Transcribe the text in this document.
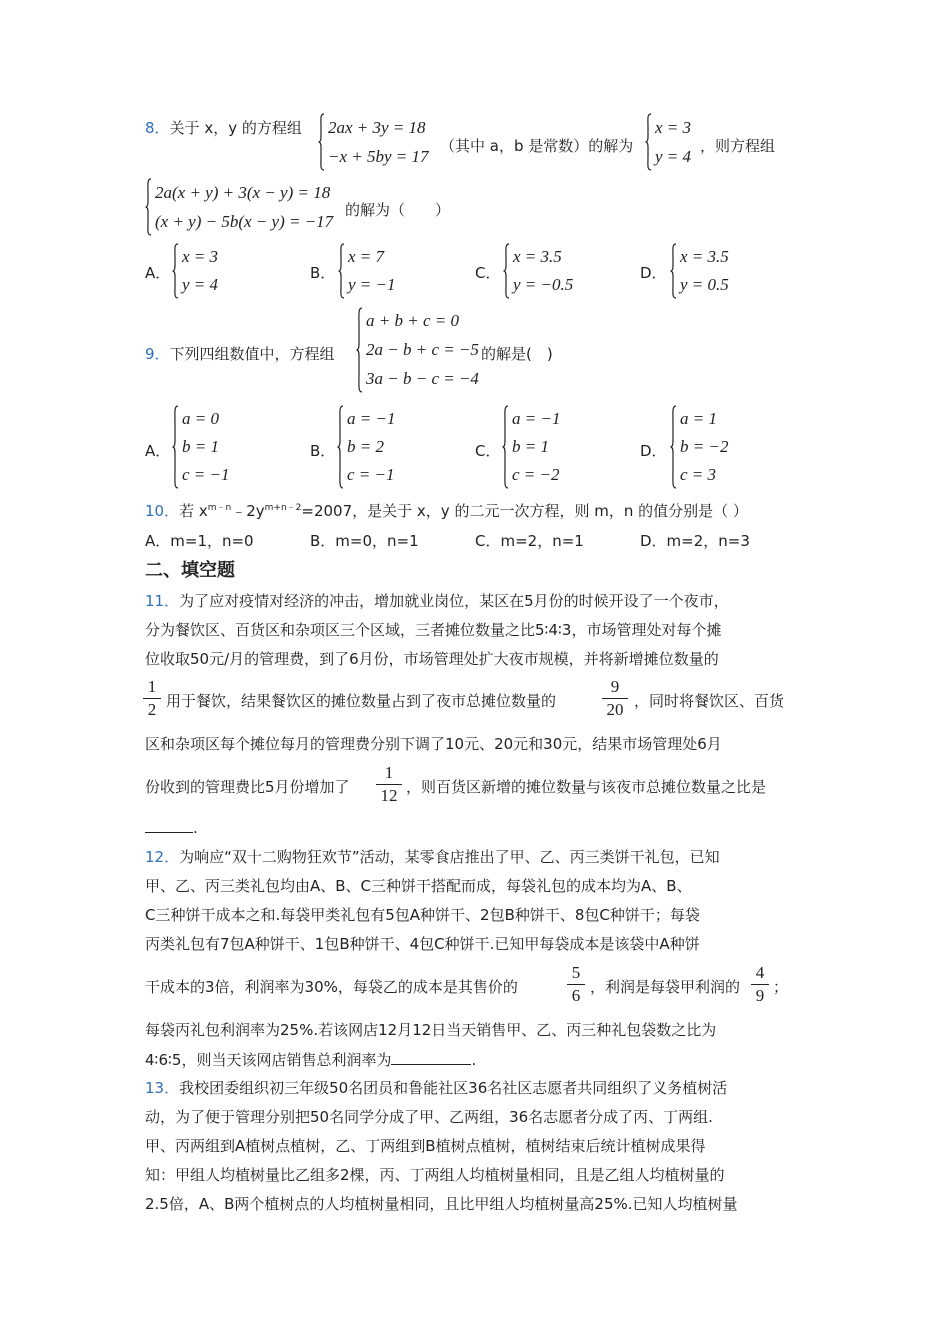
8．关于 x，y 的方程组 2ax + 3y = 18
−x + 5by = 17
（其中 a，b 是常数）的解为
x = 3
y = 4
，则方程组
2a(x + y) + 3(x − y) = 18
(x + y) − 5b(x − y) = −17
的解为（　　）
A．
x = 3
y = 4
B．
x = 7
y = −1
C．
x = 3.5
y = −0.5
D．
x = 3.5
y = 0.5
9．下列四组数值中，方程组
a + b + c = 0
2a − b + c = −5
3a − b − c = −4
的解是(　)
A．
a = 0
b = 1
c = −1
B．
a = −1
b = 2
c = −1
C．
a = −1
b = 1
c = −2
D．
a = 1
b = −2
c = 3
10．若 $x^{m﹣n}﹣2y^{m+n﹣2}=2007$，是关于 x，y 的二元一次方程，则 m，n 的值分别是（ ）
A．m=1，n=0	B．m=0，n=1	C．m=2，n=1	D．m=2，n=3
二、填空题
11．为了应对疫情对经济的冲击，增加就业岗位，某区在5月份的时候开设了一个夜市，
分为餐饮区、百货区和杂项区三个区域，三者摊位数量之比5∶4∶3，市场管理处对每个摊
位收取50元/月的管理费，到了6月份，市场管理处扩大夜市规模，并将新增摊位数量的
$\frac{1}{2}$ 用于餐饮，结果餐饮区的摊位数量占到了夜市总摊位数量的	$\frac{9}{20}$ ，同时将餐饮区、百货
区和杂项区每个摊位每月的管理费分别下调了10元、20元和30元，结果市场管理处6月
份收到的管理费比5月份增加了 $\frac{1}{12}$ ，则百货区新增的摊位数量与该夜市总摊位数量之比是
.
12．为响应“双十二购物狂欢节”活动，某零食店推出了甲、乙、丙三类饼干礼包，已知
甲、乙、丙三类礼包均由A、B、C三种饼干搭配而成，每袋礼包的成本均为A、B、
C三种饼干成本之和.每袋甲类礼包有5包A种饼干、2包B种饼干、8包C种饼干；每袋
丙类礼包有7包A种饼干、1包B种饼干、4包C种饼干.已知甲每袋成本是该袋中A种饼
干成本的3倍，利润率为30%，每袋乙的成本是其售价的	$\frac{5}{6}$ ，利润是每袋甲利润的 $\frac{4}{9}$ ；
每袋丙礼包利润率为25%.若该网店12月12日当天销售甲、乙、丙三种礼包袋数之比为
4∶6∶5，则当天该网店销售总利润率为	.
13．我校团委组织初三年级50名团员和鲁能社区36名社区志愿者共同组织了义务植树活
动，为了便于管理分别把50名同学分成了甲、乙两组，36名志愿者分成了丙、丁两组.
甲、丙两组到A植树点植树，乙、丁两组到B植树点植树，植树结束后统计植树成果得
知：甲组人均植树量比乙组多2棵，丙、丁两组人均植树量相同，且是乙组人均植树量的
2.5倍，A、B两个植树点的人均植树量相同，且比甲组人均植树量高25%.已知人均植树量
